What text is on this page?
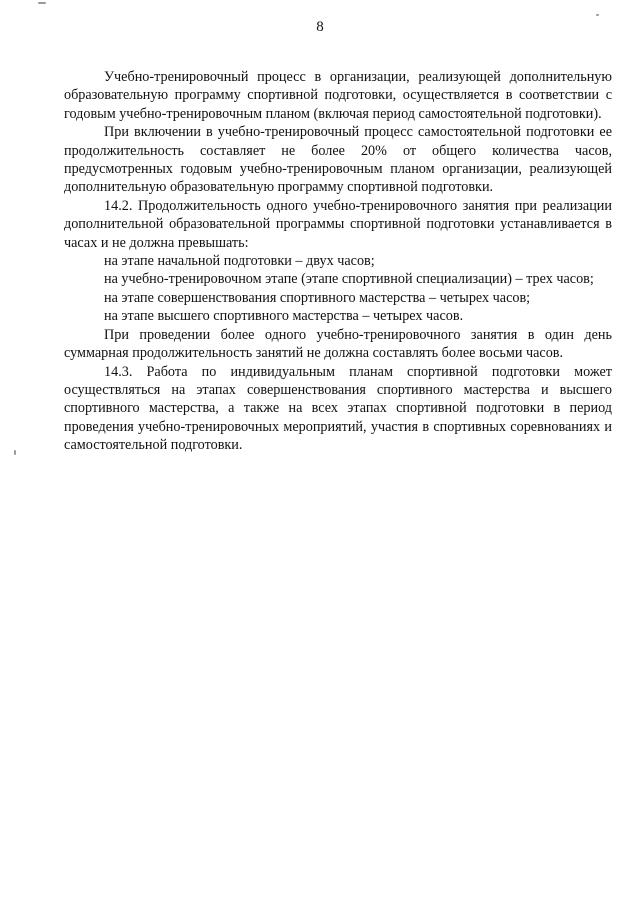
8

Учебно-тренировочный процесс в организации, реализующей дополнительную образовательную программу спортивной подготовки, осуществляется в соответствии с годовым учебно-тренировочным планом (включая период самостоятельной подготовки).

При включении в учебно-тренировочный процесс самостоятельной подготовки ее продолжительность составляет не более 20% от общего количества часов, предусмотренных годовым учебно-тренировочным планом организации, реализующей дополнительную образовательную программу спортивной подготовки.

14.2. Продолжительность одного учебно-тренировочного занятия при реализации дополнительной образовательной программы спортивной подготовки устанавливается в часах и не должна превышать:

на этапе начальной подготовки – двух часов;

на учебно-тренировочном этапе (этапе спортивной специализации) – трех часов;

на этапе совершенствования спортивного мастерства – четырех часов;

на этапе высшего спортивного мастерства – четырех часов.

При проведении более одного учебно-тренировочного занятия в один день суммарная продолжительность занятий не должна составлять более восьми часов.

14.3. Работа по индивидуальным планам спортивной подготовки может осуществляться на этапах совершенствования спортивного мастерства и высшего спортивного мастерства, а также на всех этапах спортивной подготовки в период проведения учебно-тренировочных мероприятий, участия в спортивных соревнованиях и самостоятельной подготовки.
